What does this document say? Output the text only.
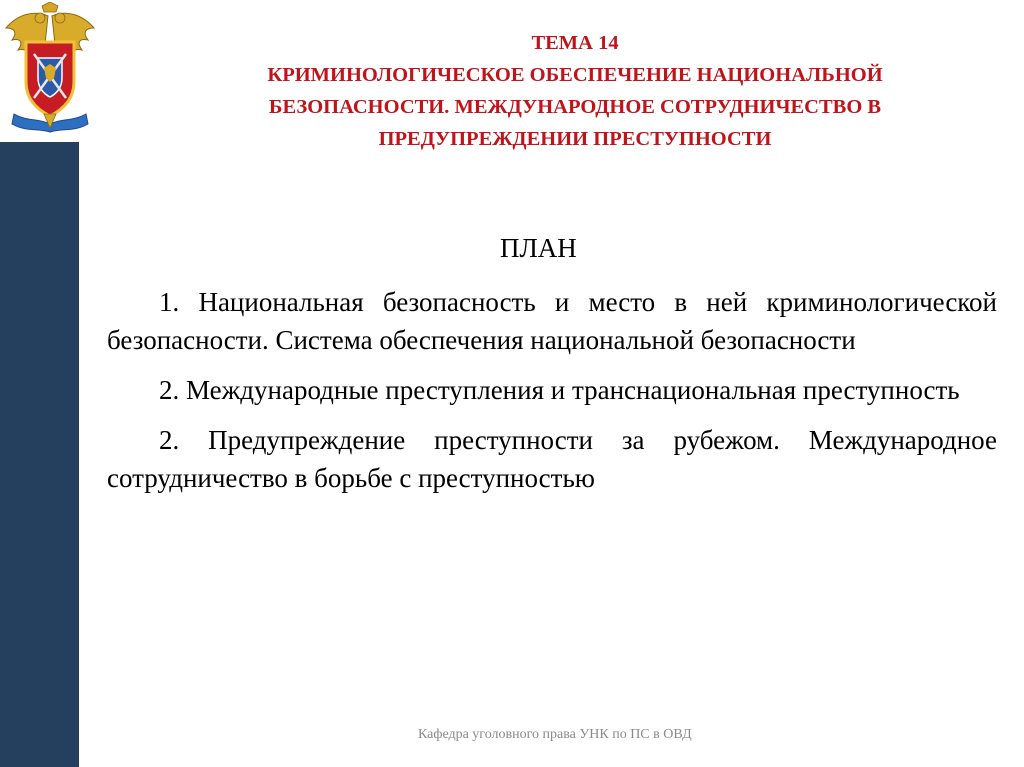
ТЕМА 14
КРИМИНОЛОГИЧЕСКОЕ ОБЕСПЕЧЕНИЕ НАЦИОНАЛЬНОЙ
БЕЗОПАСНОСТИ. МЕЖДУНАРОДНОЕ СОТРУДНИЧЕСТВО В
ПРЕДУПРЕЖДЕНИИ ПРЕСТУПНОСТИ
ПЛАН
1. Национальная безопасность и место в ней криминологической безопасности. Система обеспечения национальной безопасности
2. Международные преступления и транснациональная преступность
2. Предупреждение преступности за рубежом. Международное сотрудничество в борьбе с преступностью
Кафедра уголовного права УНК по ПС в ОВД
